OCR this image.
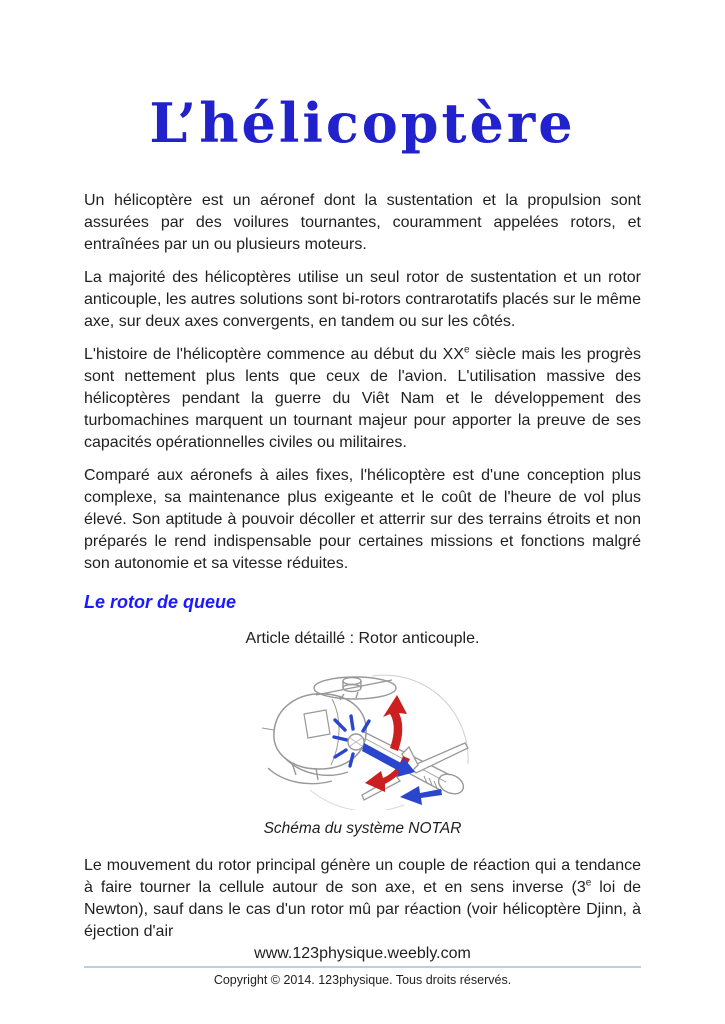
L’hélicoptère

Un hélicoptère est un aéronef dont la sustentation et la propulsion sont assurées par des voilures tournantes, couramment appelées rotors, et entraînées par un ou plusieurs moteurs.

La majorité des hélicoptères utilise un seul rotor de sustentation et un rotor anticouple, les autres solutions sont bi-rotors contrarotatifs placés sur le même axe, sur deux axes convergents, en tandem ou sur les côtés.

L'histoire de l'hélicoptère commence au début du XXe siècle mais les progrès sont nettement plus lents que ceux de l'avion. L'utilisation massive des hélicoptères pendant la guerre du Viêt Nam et le développement des turbomachines marquent un tournant majeur pour apporter la preuve de ses capacités opérationnelles civiles ou militaires.

Comparé aux aéronefs à ailes fixes, l'hélicoptère est d'une conception plus complexe, sa maintenance plus exigeante et le coût de l'heure de vol plus élevé. Son aptitude à pouvoir décoller et atterrir sur des terrains étroits et non préparés le rend indispensable pour certaines missions et fonctions malgré son autonomie et sa vitesse réduites.

Le rotor de queue

Article détaillé : Rotor anticouple.

Schéma du système NOTAR

Le mouvement du rotor principal génère un couple de réaction qui a tendance à faire tourner la cellule autour de son axe, et en sens inverse (3e loi de Newton), sauf dans le cas d'un rotor mû par réaction (voir hélicoptère Djinn, à éjection d'air

www.123physique.weebly.com
Copyright © 2014. 123physique. Tous droits réservés.
